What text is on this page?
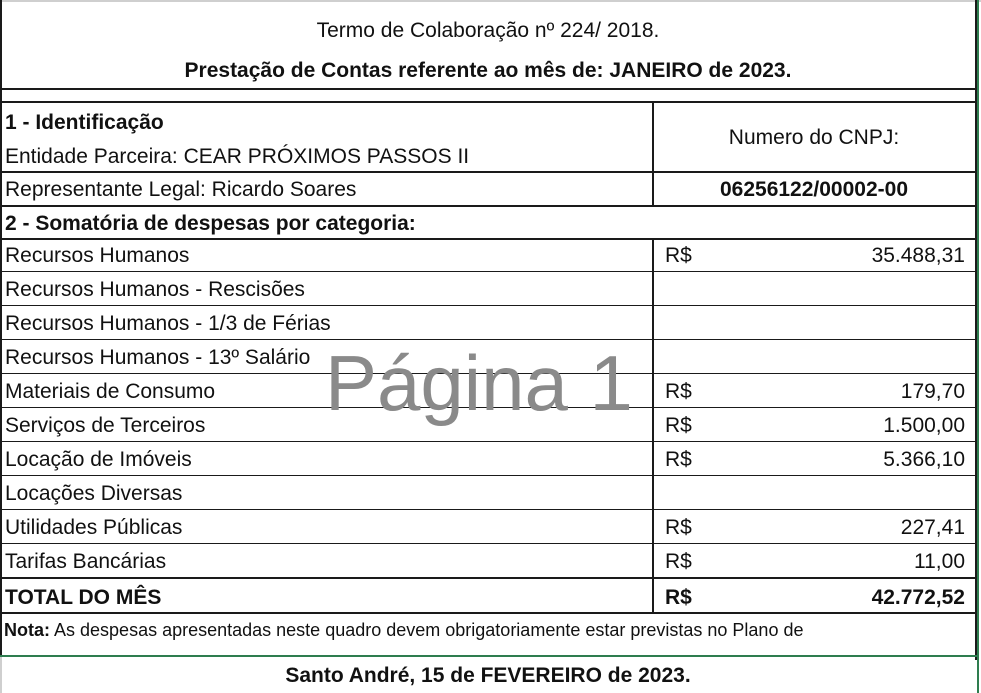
Termo de Colaboração nº 224/ 2018.
Prestação de Contas referente ao mês de: JANEIRO de 2023.
1 - Identificação
Entidade Parceira: CEAR PRÓXIMOS PASSOS II
Representante Legal: Ricardo Soares
Numero do CNPJ:
06256122/00002-00
2 - Somatória de despesas por categoria:
Recursos Humanos	R$	35.488,31
Recursos Humanos - Rescisões
Recursos Humanos - 1/3 de Férias
Recursos Humanos - 13º Salário
Materiais de Consumo	R$	179,70
Serviços de Terceiros	R$	1.500,00
Locação de Imóveis	R$	5.366,10
Locações Diversas
Utilidades Públicas	R$	227,41
Tarifas Bancárias	R$	11,00
TOTAL DO MÊS	R$	42.772,52
Nota: As despesas apresentadas neste quadro devem obrigatoriamente estar previstas no Plano de
Santo André, 15 de FEVEREIRO de 2023.
Página 1
